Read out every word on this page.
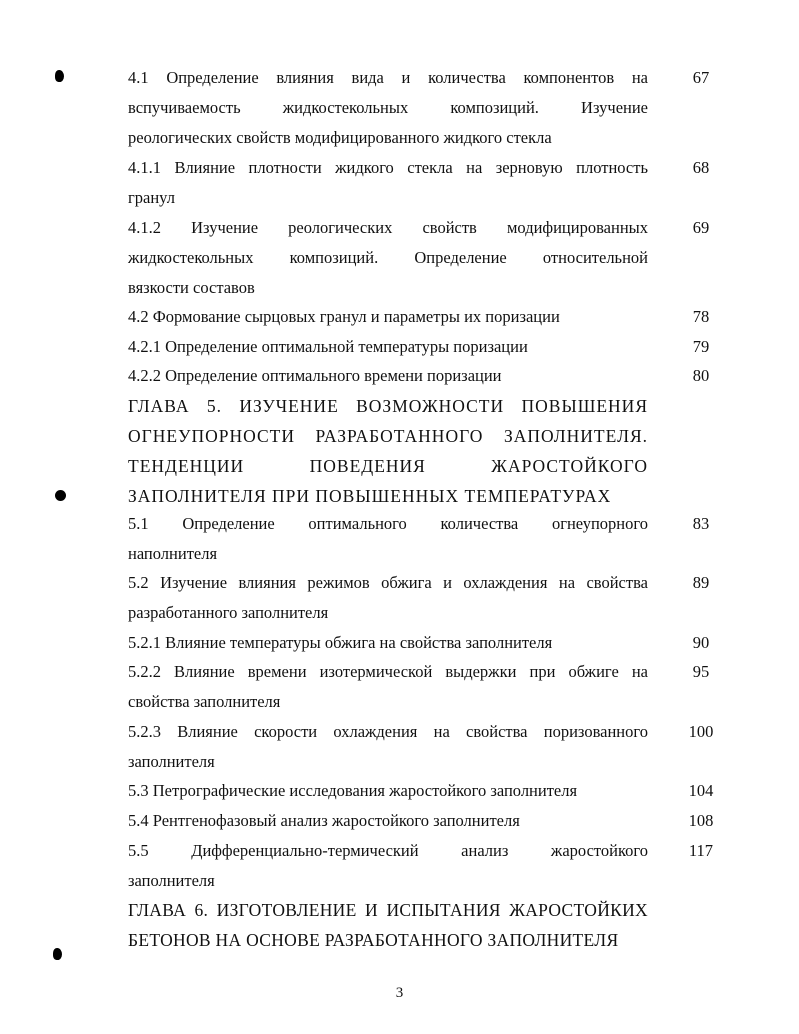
4.1 Определение влияния вида и количества компонентов на
вспучиваемость жидкостекольных композиций. Изучение
реологических свойств модифицированного жидкого стекла
67
4.1.1 Влияние плотности жидкого стекла на зерновую плотность
гранул
68
4.1.2 Изучение реологических свойств модифицированных
жидкостекольных композиций. Определение относительной
вязкости составов
69
4.2 Формование сырцовых гранул и параметры их поризации	78
4.2.1 Определение оптимальной температуры поризации	79
4.2.2 Определение оптимального времени поризации	80
ГЛАВА 5. ИЗУЧЕНИЕ ВОЗМОЖНОСТИ ПОВЫШЕНИЯ
ОГНЕУПОРНОСТИ РАЗРАБОТАННОГО ЗАПОЛНИТЕЛЯ.
ТЕНДЕНЦИИ ПОВЕДЕНИЯ ЖАРОСТОЙКОГО
ЗАПОЛНИТЕЛЯ ПРИ ПОВЫШЕННЫХ ТЕМПЕРАТУРАХ
5.1 Определение оптимального количества огнеупорного
наполнителя
83
5.2 Изучение влияния режимов обжига и охлаждения на свойства
разработанного заполнителя
89
5.2.1 Влияние температуры обжига на свойства заполнителя	90
5.2.2 Влияние времени изотермической выдержки при обжиге на
свойства заполнителя
95
5.2.3 Влияние скорости охлаждения на свойства поризованного
заполнителя
100
5.3 Петрографические исследования жаростойкого заполнителя	104
5.4 Рентгенофазовый анализ жаростойкого заполнителя	108
5.5 Дифференциально-термический анализ жаростойкого
заполнителя
117
ГЛАВА 6. ИЗГОТОВЛЕНИЕ И ИСПЫТАНИЯ ЖАРОСТОЙКИХ
БЕТОНОВ НА ОСНОВЕ РАЗРАБОТАННОГО ЗАПОЛНИТЕЛЯ
3
